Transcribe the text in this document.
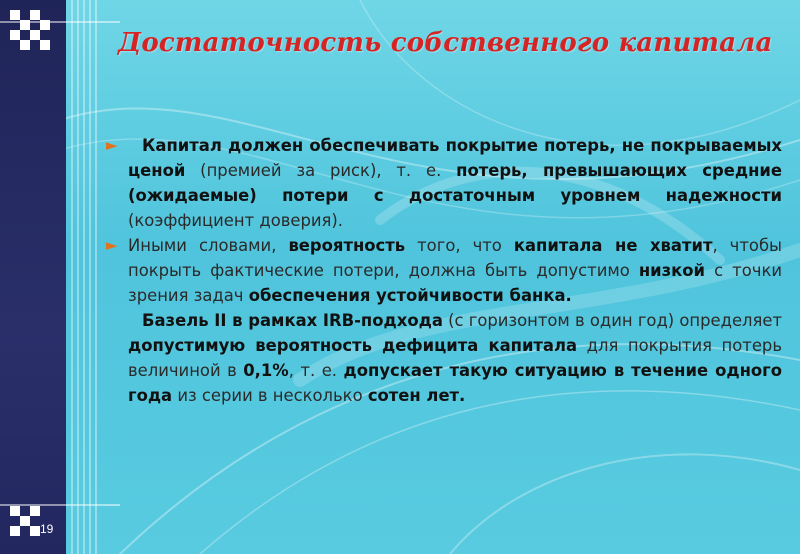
Достаточность собственного капитала
► Капитал должен обеспечивать покрытие потерь, не покрываемых ценой (премией за риск), т. е. потерь, превышающих средние (ожидаемые) потери с достаточным уровнем надежности (коэффициент доверия).
► Иными словами, вероятность того, что капитала не хватит, чтобы покрыть фактические потери, должна быть допустимо низкой с точки зрения задач обеспечения устойчивости банка.
Базель II в рамках IRB-подхода (с горизонтом в один год) определяет допустимую вероятность дефицита капитала для покрытия потерь величиной в 0,1%, т. е. допускает такую ситуацию в течение одного года из серии в несколько сотен лет.
19
